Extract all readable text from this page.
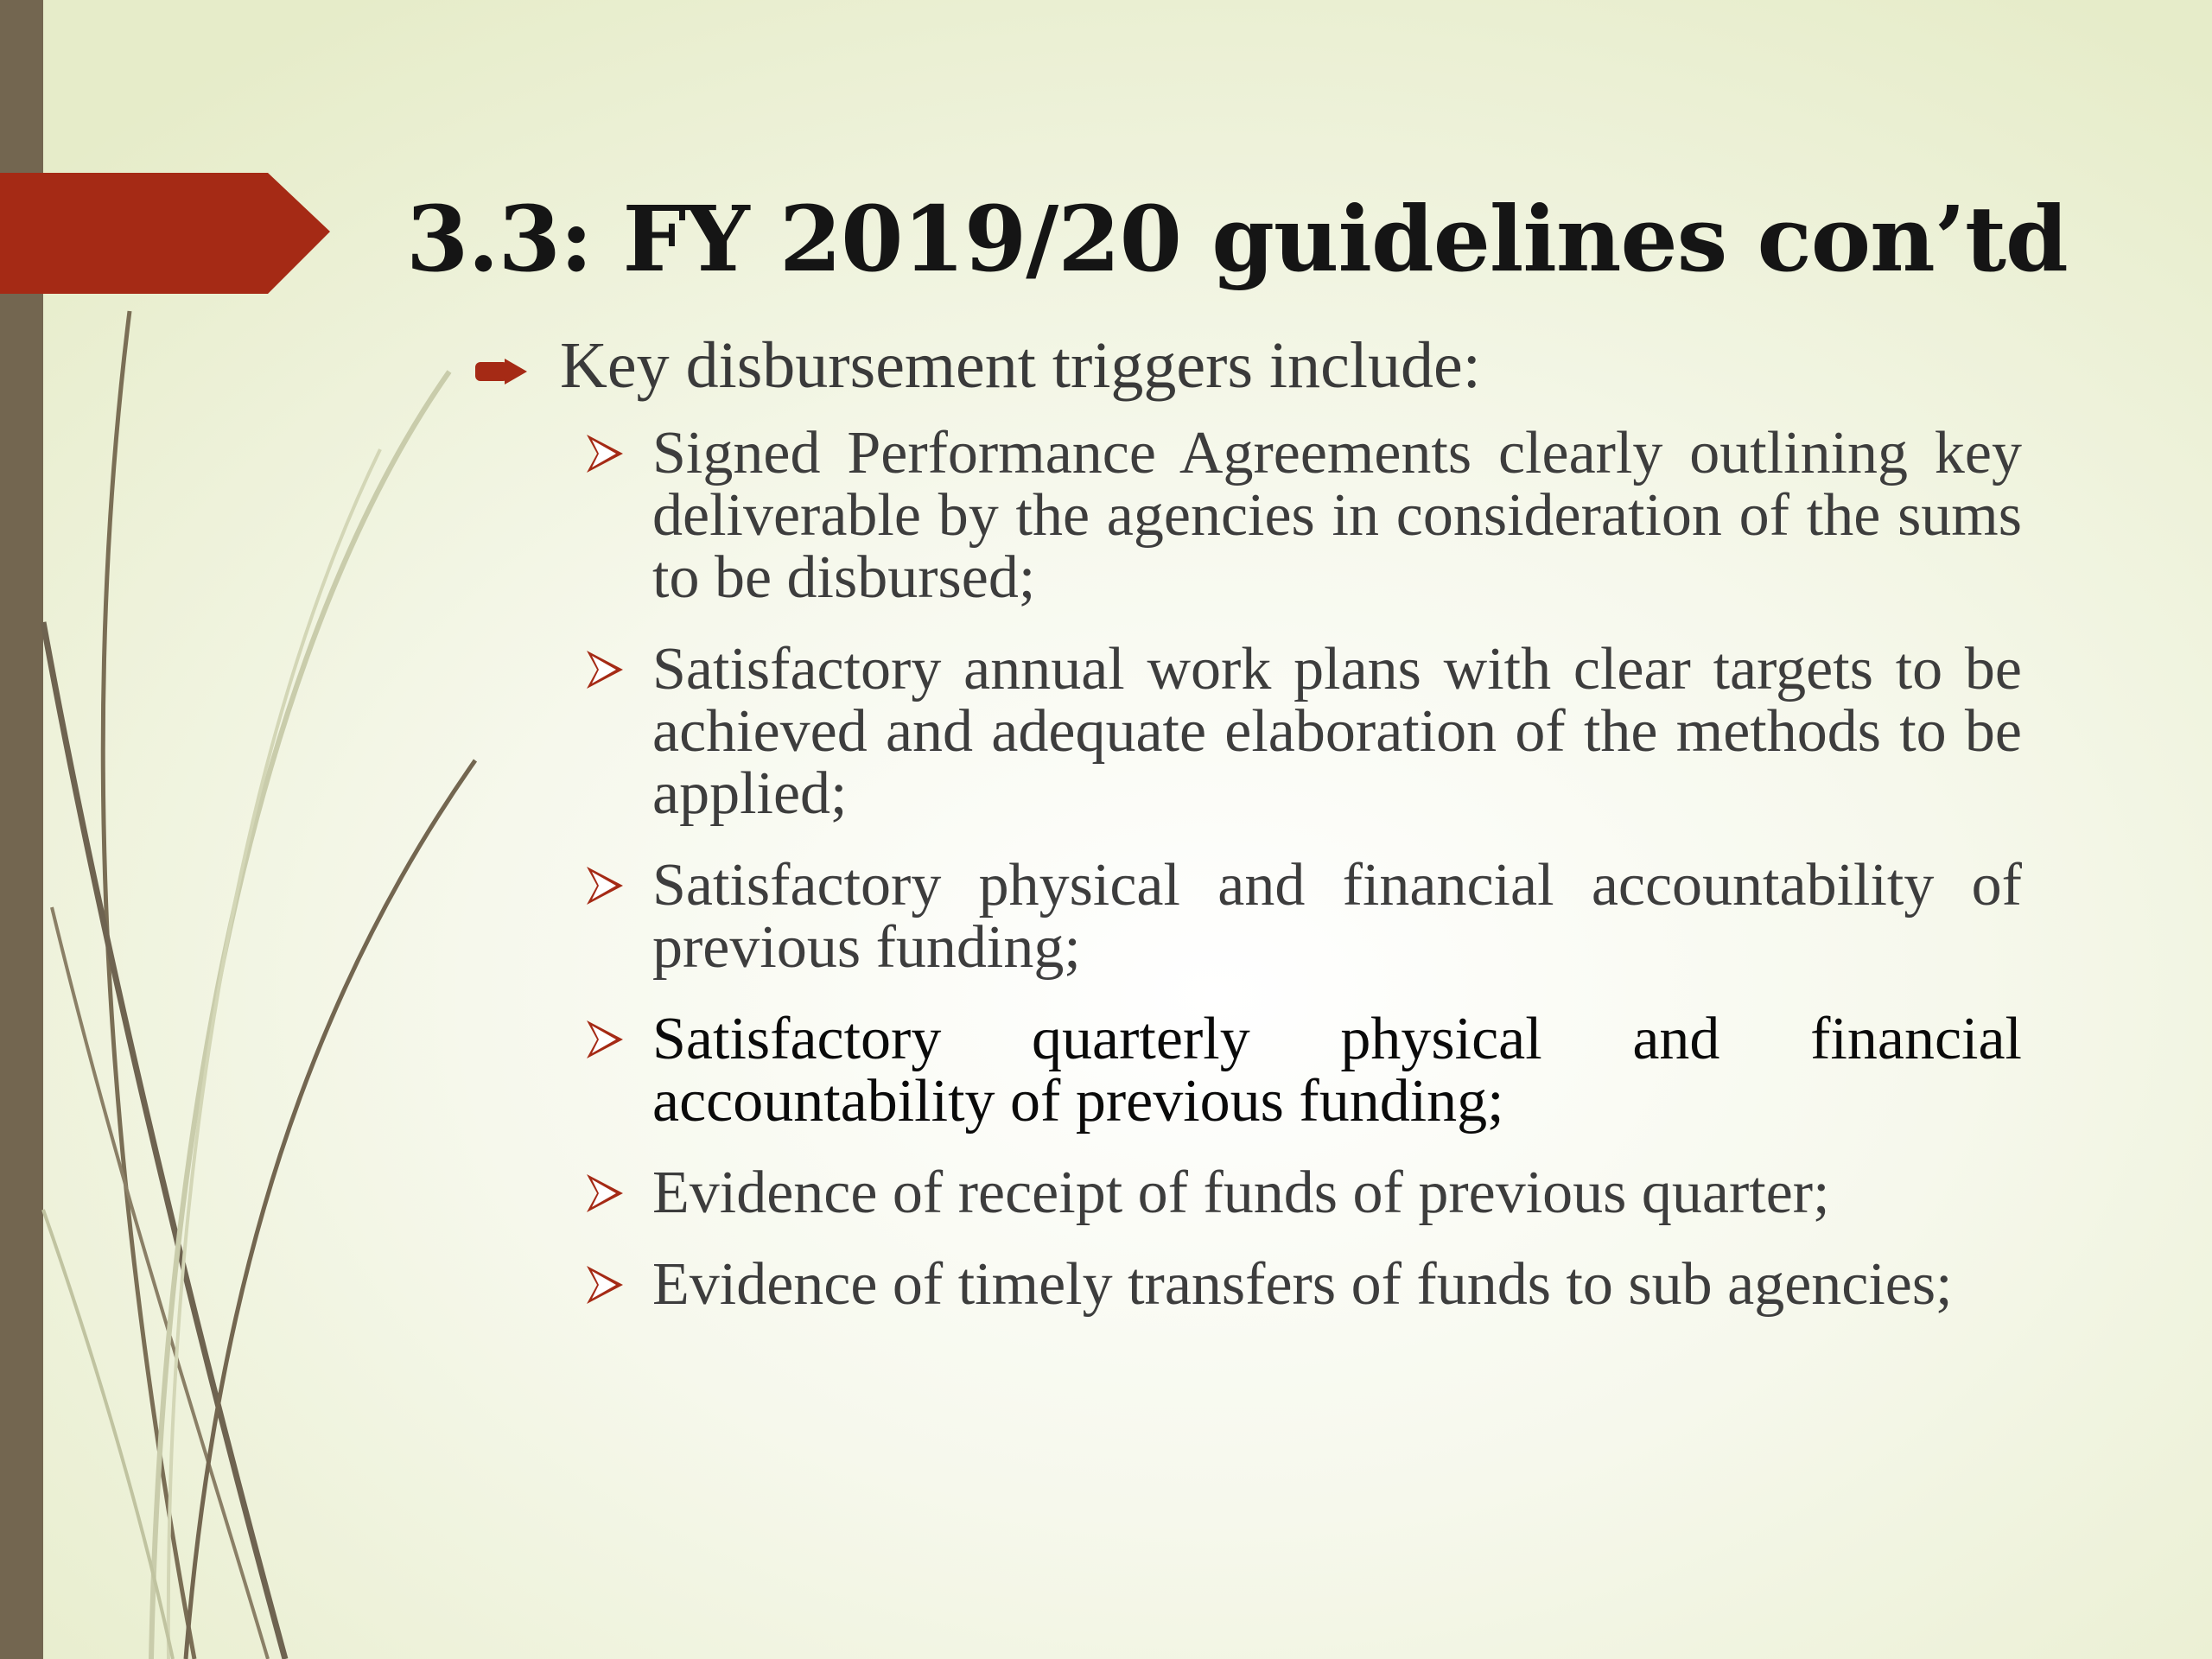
3.3: FY 2019/20 guidelines con’td
Key disbursement triggers include:
Signed Performance Agreements clearly outlining key deliverable by the agencies in consideration of the sums to be disbursed;
Satisfactory annual work plans with clear targets to be achieved and adequate elaboration of the methods to be applied;
Satisfactory physical and financial accountability of previous funding;
Satisfactory quarterly physical and financial accountability of previous funding;
Evidence of receipt of funds of previous quarter;
Evidence of timely transfers of funds to sub agencies;
